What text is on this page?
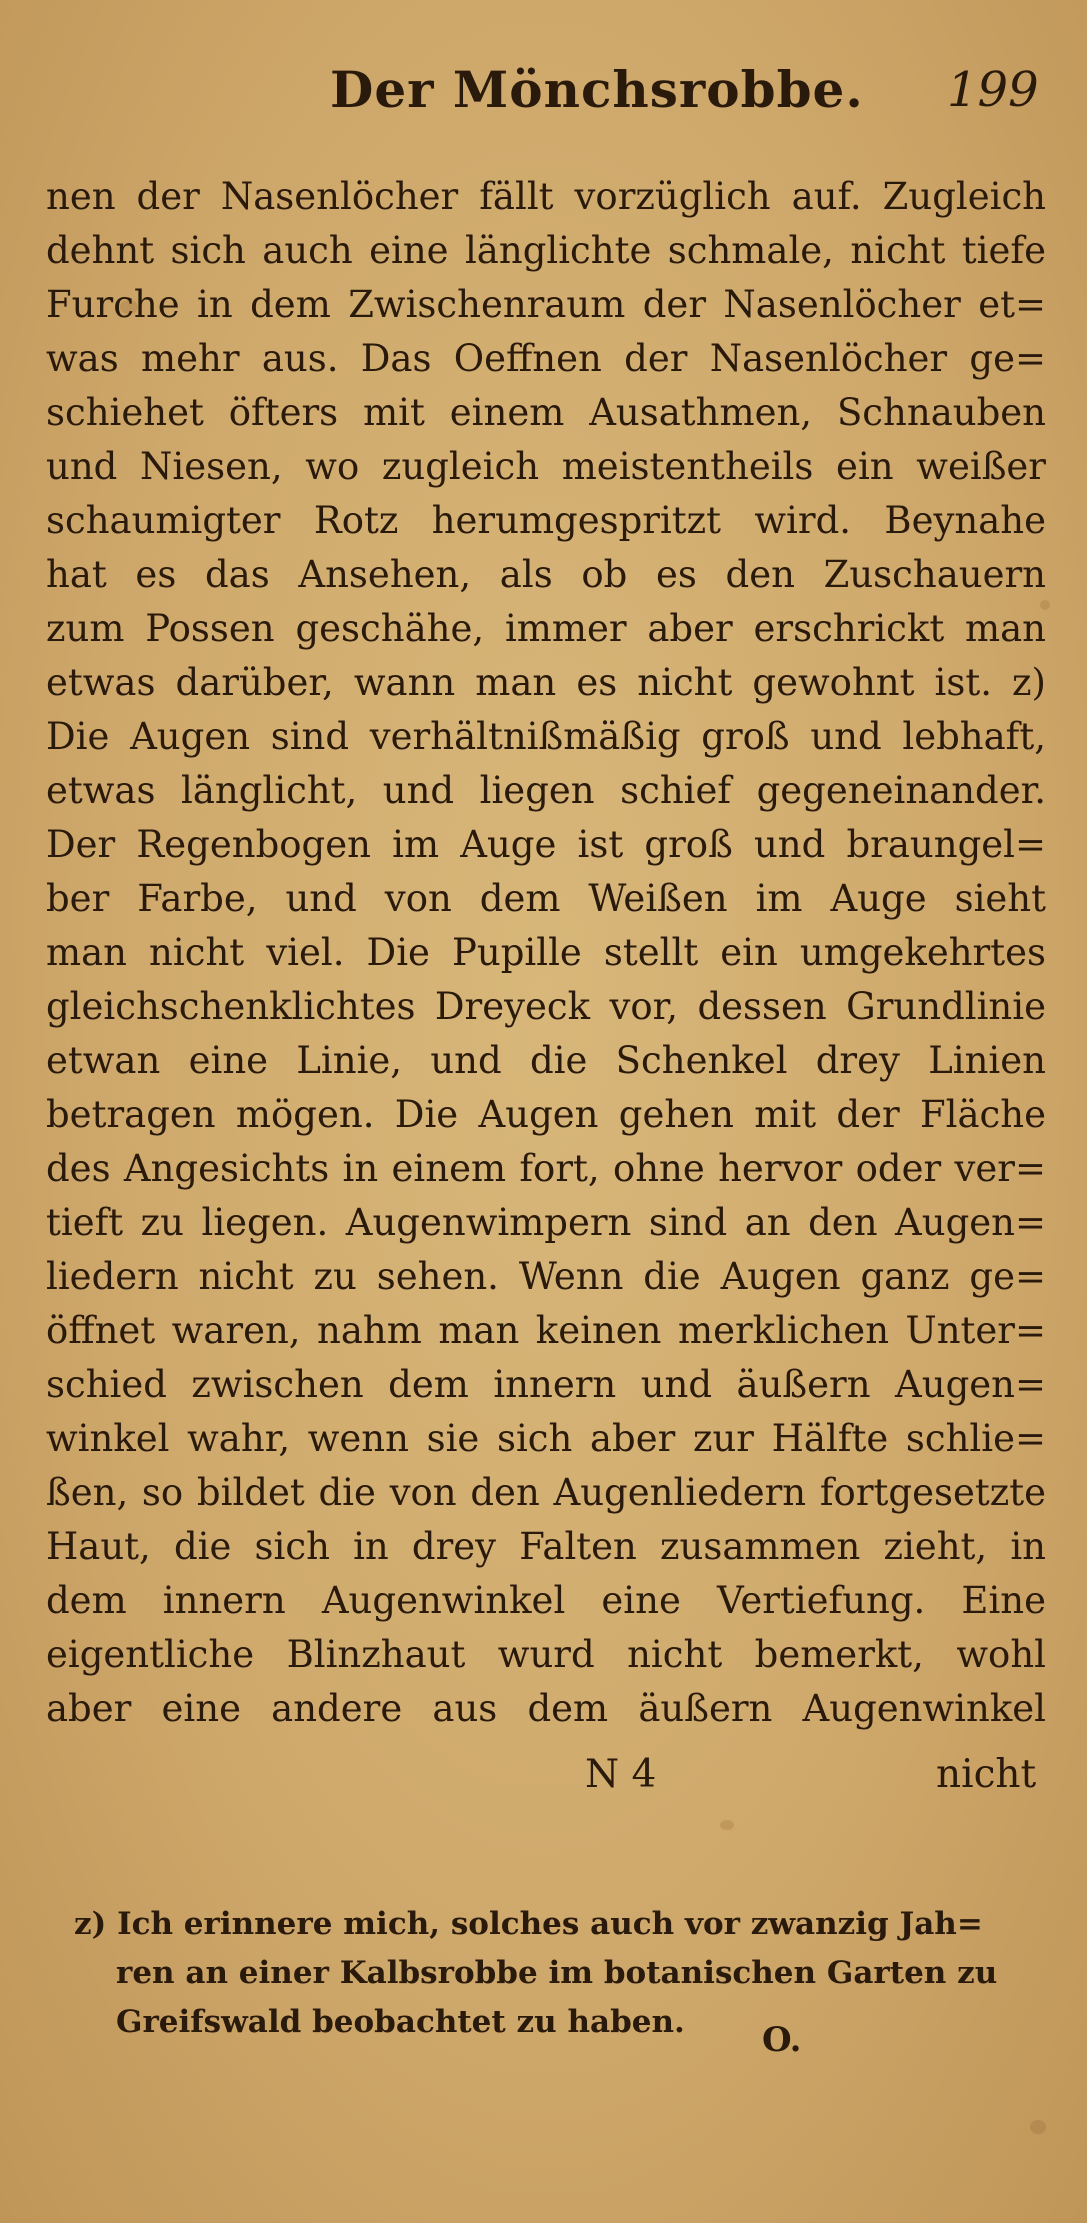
Der Mönchsrobbe. 199
nen der Nasenlöcher fällt vorzüglich auf. Zugleich
dehnt sich auch eine länglichte schmale, nicht tiefe
Furche in dem Zwischenraum der Nasenlöcher et=
was mehr aus. Das Oeffnen der Nasenlöcher ge=
schiehet öfters mit einem Ausathmen, Schnauben
und Niesen, wo zugleich meistentheils ein weißer
schaumigter Rotz herumgespritzt wird. Beynahe
hat es das Ansehen, als ob es den Zuschauern
zum Possen geschähe, immer aber erschrickt man
etwas darüber, wann man es nicht gewohnt ist. z)
Die Augen sind verhältnißmäßig groß und lebhaft,
etwas länglicht, und liegen schief gegeneinander.
Der Regenbogen im Auge ist groß und braungel=
ber Farbe, und von dem Weißen im Auge sieht
man nicht viel. Die Pupille stellt ein umgekehrtes
gleichschenklichtes Dreyeck vor, dessen Grundlinie
etwan eine Linie, und die Schenkel drey Linien
betragen mögen. Die Augen gehen mit der Fläche
des Angesichts in einem fort, ohne hervor oder ver=
tieft zu liegen. Augenwimpern sind an den Augen=
liedern nicht zu sehen. Wenn die Augen ganz ge=
öffnet waren, nahm man keinen merklichen Unter=
schied zwischen dem innern und äußern Augen=
winkel wahr, wenn sie sich aber zur Hälfte schlie=
ßen, so bildet die von den Augenliedern fortgesetzte
Haut, die sich in drey Falten zusammen zieht, in
dem innern Augenwinkel eine Vertiefung. Eine
eigentliche Blinzhaut wurd nicht bemerkt, wohl
aber eine andere aus dem äußern Augenwinkel
N 4	nicht
z) Ich erinnere mich, solches auch vor zwanzig Jah=
ren an einer Kalbsrobbe im botanischen Garten zu
Greifswald beobachtet zu haben.	O.
